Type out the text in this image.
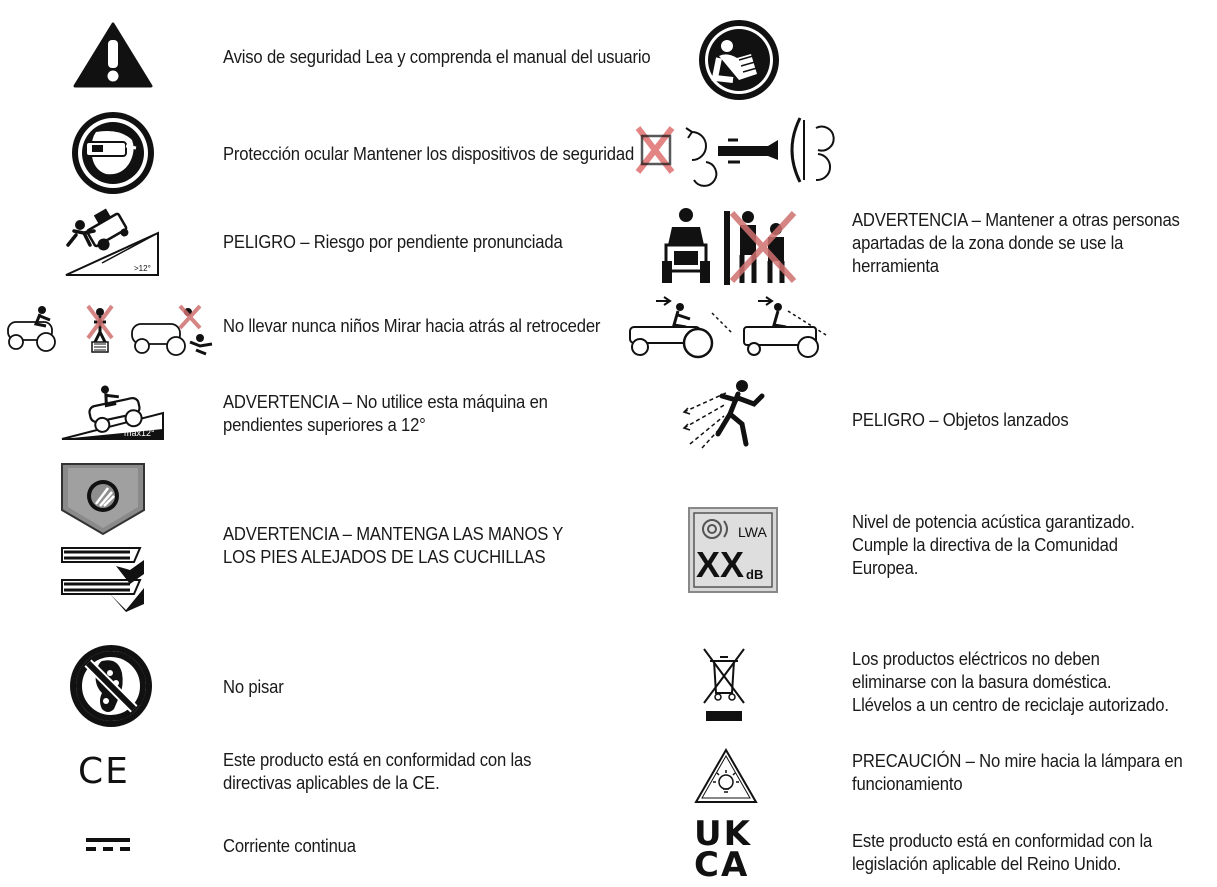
>12°
max12°
CE
Aviso de seguridad Lea y comprenda el manual del usuario
Protección ocular Mantener los dispositivos de seguridad
PELIGRO – Riesgo por pendiente pronunciada
No llevar nunca niños Mirar hacia atrás al retroceder
ADVERTENCIA – No utilice esta máquina en
pendientes superiores a 12°
ADVERTENCIA – MANTENGA LAS MANOS Y
LOS PIES ALEJADOS DE LAS CUCHILLAS
No pisar
Este producto está en conformidad con las
directivas aplicables de la CE.
Corriente continua
LWA
XX dB
UK
CA
ADVERTENCIA – Mantener a otras personas
apartadas de la zona donde se use la
herramienta
PELIGRO – Objetos lanzados
Nivel de potencia acústica garantizado.
Cumple la directiva de la Comunidad
Europea.
Los productos eléctricos no deben
eliminarse con la basura doméstica.
Llévelos a un centro de reciclaje autorizado.
PRECAUCIÓN – No mire hacia la lámpara en
funcionamiento
Este producto está en conformidad con la
legislación aplicable del Reino Unido.
